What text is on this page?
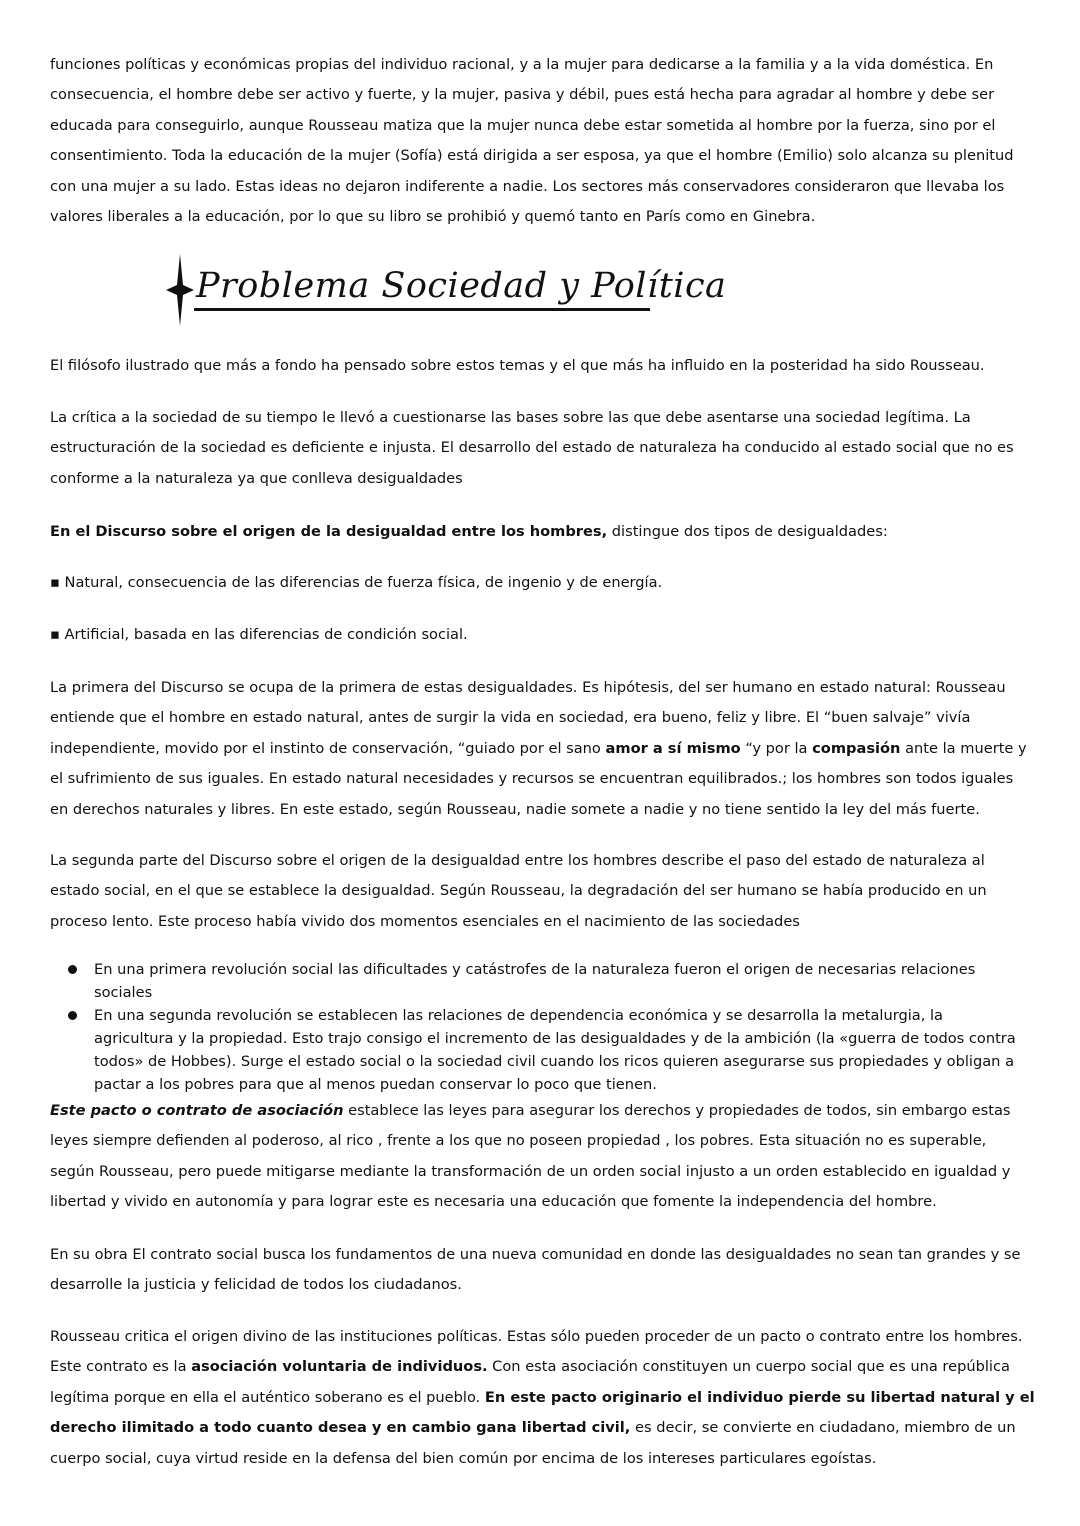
funciones políticas y económicas propias del individuo racional, y a la mujer para dedicarse a la familia y a la vida doméstica. En consecuencia, el hombre debe ser activo y fuerte, y la mujer, pasiva y débil, pues está hecha para agradar al hombre y debe ser educada para conseguirlo, aunque Rousseau matiza que la mujer nunca debe estar sometida al hombre por la fuerza, sino por el consentimiento. Toda la educación de la mujer (Sofía) está dirigida a ser esposa, ya que el hombre (Emilio) solo alcanza su plenitud con una mujer a su lado. Estas ideas no dejaron indiferente a nadie. Los sectores más conservadores consideraron que llevaba los valores liberales a la educación, por lo que su libro se prohibió y quemó tanto en París como en Ginebra.

Problema Sociedad y Política

El filósofo ilustrado que más a fondo ha pensado sobre estos temas y el que más ha influido en la posteridad ha sido Rousseau.

La crítica a la sociedad de su tiempo le llevó a cuestionarse las bases sobre las que debe asentarse una sociedad legítima. La estructuración de la sociedad es deficiente e injusta. El desarrollo del estado de naturaleza ha conducido al estado social que no es conforme a la naturaleza ya que conlleva desigualdades

En el Discurso sobre el origen de la desigualdad entre los hombres, distingue dos tipos de desigualdades:

▪ Natural, consecuencia de las diferencias de fuerza física, de ingenio y de energía.

▪ Artificial, basada en las diferencias de condición social.

La primera del Discurso se ocupa de la primera de estas desigualdades. Es hipótesis, del ser humano en estado natural: Rousseau entiende que el hombre en estado natural, antes de surgir la vida en sociedad, era bueno, feliz y libre. El “buen salvaje” vivía independiente, movido por el instinto de conservación, “guiado por el sano amor a sí mismo “y por la compasión ante la muerte y el sufrimiento de sus iguales. En estado natural necesidades y recursos se encuentran equilibrados.; los hombres son todos iguales en derechos naturales y libres. En este estado, según Rousseau, nadie somete a nadie y no tiene sentido la ley del más fuerte.

La segunda parte del Discurso sobre el origen de la desigualdad entre los hombres describe el paso del estado de naturaleza al estado social, en el que se establece la desigualdad. Según Rousseau, la degradación del ser humano se había producido en un proceso lento. Este proceso había vivido dos momentos esenciales en el nacimiento de las sociedades

En una primera revolución social las dificultades y catástrofes de la naturaleza fueron el origen de necesarias relaciones sociales
En una segunda revolución se establecen las relaciones de dependencia económica y se desarrolla la metalurgia, la agricultura y la propiedad. Esto trajo consigo el incremento de las desigualdades y de la ambición (la «guerra de todos contra todos» de Hobbes). Surge el estado social o la sociedad civil cuando los ricos quieren asegurarse sus propiedades y obligan a pactar a los pobres para que al menos puedan conservar lo poco que tienen.

Este pacto o contrato de asociación establece las leyes para asegurar los derechos y propiedades de todos, sin embargo estas leyes siempre defienden al poderoso, al rico , frente a los que no poseen propiedad , los pobres. Esta situación no es superable, según Rousseau, pero puede mitigarse mediante la transformación de un orden social injusto a un orden establecido en igualdad y libertad y vivido en autonomía y para lograr este es necesaria una educación que fomente la independencia del hombre.

En su obra El contrato social busca los fundamentos de una nueva comunidad en donde las desigualdades no sean tan grandes y se desarrolle la justicia y felicidad de todos los ciudadanos.

Rousseau critica el origen divino de las instituciones políticas. Estas sólo pueden proceder de un pacto o contrato entre los hombres. Este contrato es la asociación voluntaria de individuos. Con esta asociación constituyen un cuerpo social que es una república legítima porque en ella el auténtico soberano es el pueblo. En este pacto originario el individuo pierde su libertad natural y el derecho ilimitado a todo cuanto desea y en cambio gana libertad civil, es decir, se convierte en ciudadano, miembro de un cuerpo social, cuya virtud reside en la defensa del bien común por encima de los intereses particulares egoístas.
